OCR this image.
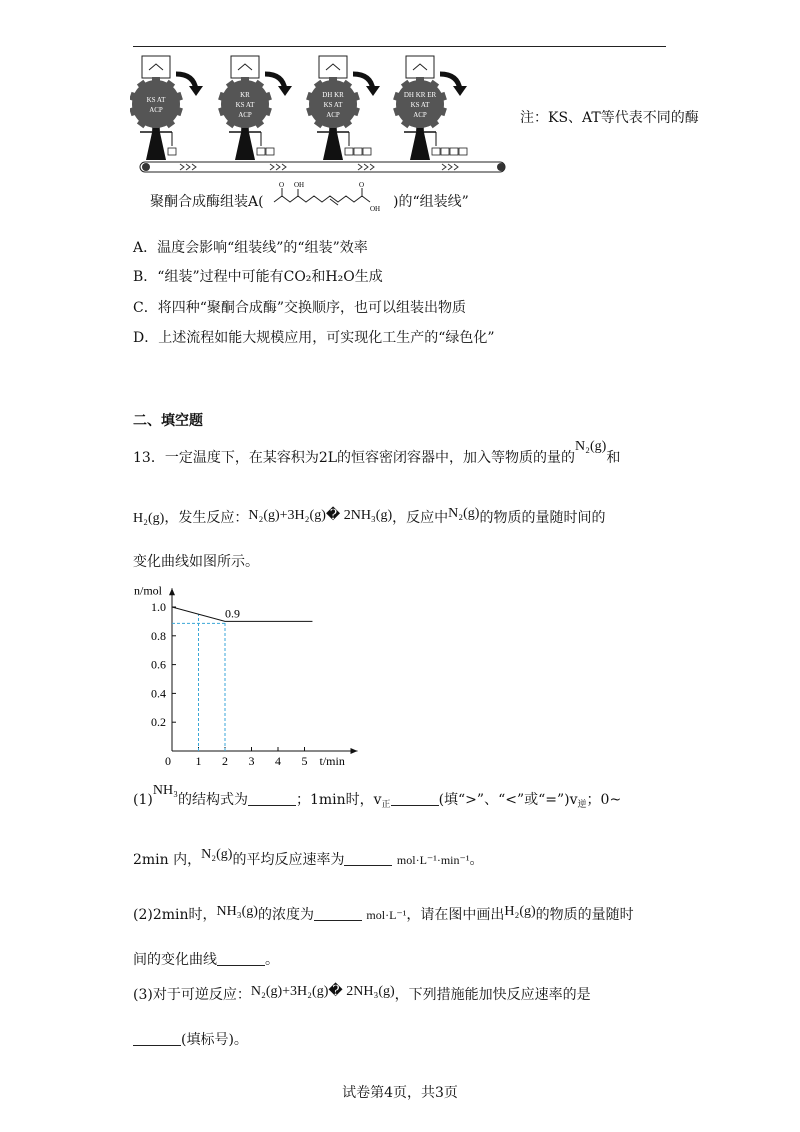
KS AT
ACP
KR
KS AT
ACP
DH KR
KS AT
ACP
DH KR ER
KS AT
ACP	注：KS、AT等代表不同的酶
聚酮合成酶组装A(
O OH	O
OH )的“组装线”
A．温度会影响“组装线”的“组装”效率
B．“组装”过程中可能有CO₂和H₂O生成
C．将四种“聚酮合成酶”交换顺序，也可以组装出物质
D．上述流程如能大规模应用，可实现化工生产的“绿色化”
二、填空题
13．一定温度下，在某容积为2L的恒容密闭容器中，加入等物质的量的N₂(g)和
H₂(g)，发生反应：N₂(g)+3H₂(g)� 2NH₃(g)，反应中N₂(g)的物质的量随时间的
变化曲线如图所示。
0 1 2 3 4 5
0.2
0.4
0.6
0.8
1.0
n/mol
t/min
0.9
(1)NH₃的结构式为	；1min时，$v_正$	(填“>”、“<”或“$=”)v_逆$；0~
2min 内，N₂(g)的平均反应速率为	mol·L⁻¹·min⁻¹。
(2)2min时，NH₃(g)的浓度为	mol·L⁻¹，请在图中画出H₂(g)的物质的量随时
间的变化曲线	。
(3)对于可逆反应：N₂(g)+3H₂(g)� 2NH₃(g)，下列措施能加快反应速率的是
(填标号)。
试卷第4页，共3页
